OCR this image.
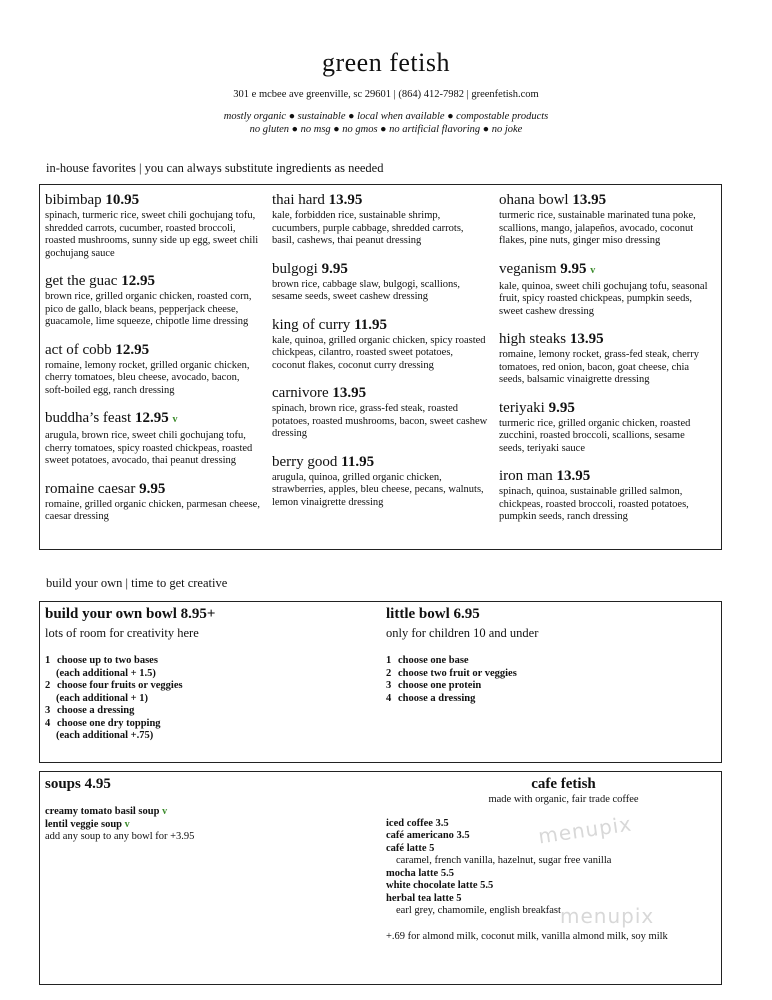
green fetish
301 e mcbee ave greenville, sc 29601 | (864) 412-7982 | greenfetish.com
mostly organic ● sustainable ● local when available ● compostable products
no gluten ● no msg ● no gmos ● no artificial flavoring ● no joke
in-house favorites | you can always substitute ingredients as needed
bibimbap 10.95
spinach, turmeric rice, sweet chili gochujang tofu, shredded carrots, cucumber, roasted broccoli, roasted mushrooms, sunny side up egg, sweet chili gochujang sauce
get the guac 12.95
brown rice, grilled organic chicken, roasted corn, pico de gallo, black beans, pepperjack cheese, guacamole, lime squeeze, chipotle lime dressing
act of cobb 12.95
romaine, lemony rocket, grilled organic chicken, cherry tomatoes, bleu cheese, avocado, bacon, soft-boiled egg, ranch dressing
buddha’s feast 12.95 v
arugula, brown rice, sweet chili gochujang tofu, cherry tomatoes, spicy roasted chickpeas, roasted sweet potatoes, avocado, thai peanut dressing
romaine caesar 9.95
romaine, grilled organic chicken, parmesan cheese, caesar dressing
thai hard 13.95
kale, forbidden rice, sustainable shrimp, cucumbers, purple cabbage, shredded carrots, basil, cashews, thai peanut dressing
bulgogi 9.95
brown rice, cabbage slaw, bulgogi, scallions, sesame seeds, sweet cashew dressing
king of curry 11.95
kale, quinoa, grilled organic chicken, spicy roasted chickpeas, cilantro, roasted sweet potatoes, coconut flakes, coconut curry dressing
carnivore 13.95
spinach, brown rice, grass-fed steak, roasted potatoes, roasted mushrooms, bacon, sweet cashew dressing
berry good 11.95
arugula, quinoa, grilled organic chicken, strawberries, apples, bleu cheese, pecans, walnuts, lemon vinaigrette dressing
ohana bowl 13.95
turmeric rice, sustainable marinated tuna poke, scallions, mango, jalapeños, avocado, coconut flakes, pine nuts, ginger miso dressing
veganism 9.95 v
kale, quinoa, sweet chili gochujang tofu, seasonal fruit, spicy roasted chickpeas, pumpkin seeds, sweet cashew dressing
high steaks 13.95
romaine, lemony rocket, grass-fed steak, cherry tomatoes, red onion, bacon, goat cheese, chia seeds, balsamic vinaigrette dressing
teriyaki 9.95
turmeric rice, grilled organic chicken, roasted zucchini, roasted broccoli, scallions, sesame seeds, teriyaki sauce
iron man 13.95
spinach, quinoa, sustainable grilled salmon, chickpeas, roasted broccoli, roasted potatoes, pumpkin seeds, ranch dressing
build your own | time to get creative
build your own bowl 8.95+
lots of room for creativity here
1 choose up to two bases
(each additional + 1.5)
2 choose four fruits or veggies
(each additional + 1)
3 choose a dressing
4 choose one dry topping
(each additional +.75)
little bowl 6.95
only for children 10 and under
1 choose one base
2 choose two fruit or veggies
3 choose one protein
4 choose a dressing
soups 4.95
creamy tomato basil soup v
lentil veggie soup v
add any soup to any bowl for +3.95
cafe fetish
made with organic, fair trade coffee
iced coffee 3.5
café americano 3.5
café latte 5
caramel, french vanilla, hazelnut, sugar free vanilla
mocha latte 5.5
white chocolate latte 5.5
herbal tea latte 5
earl grey, chamomile, english breakfast
+.69 for almond milk, coconut milk, vanilla almond milk, soy milk
menupix
menupix
